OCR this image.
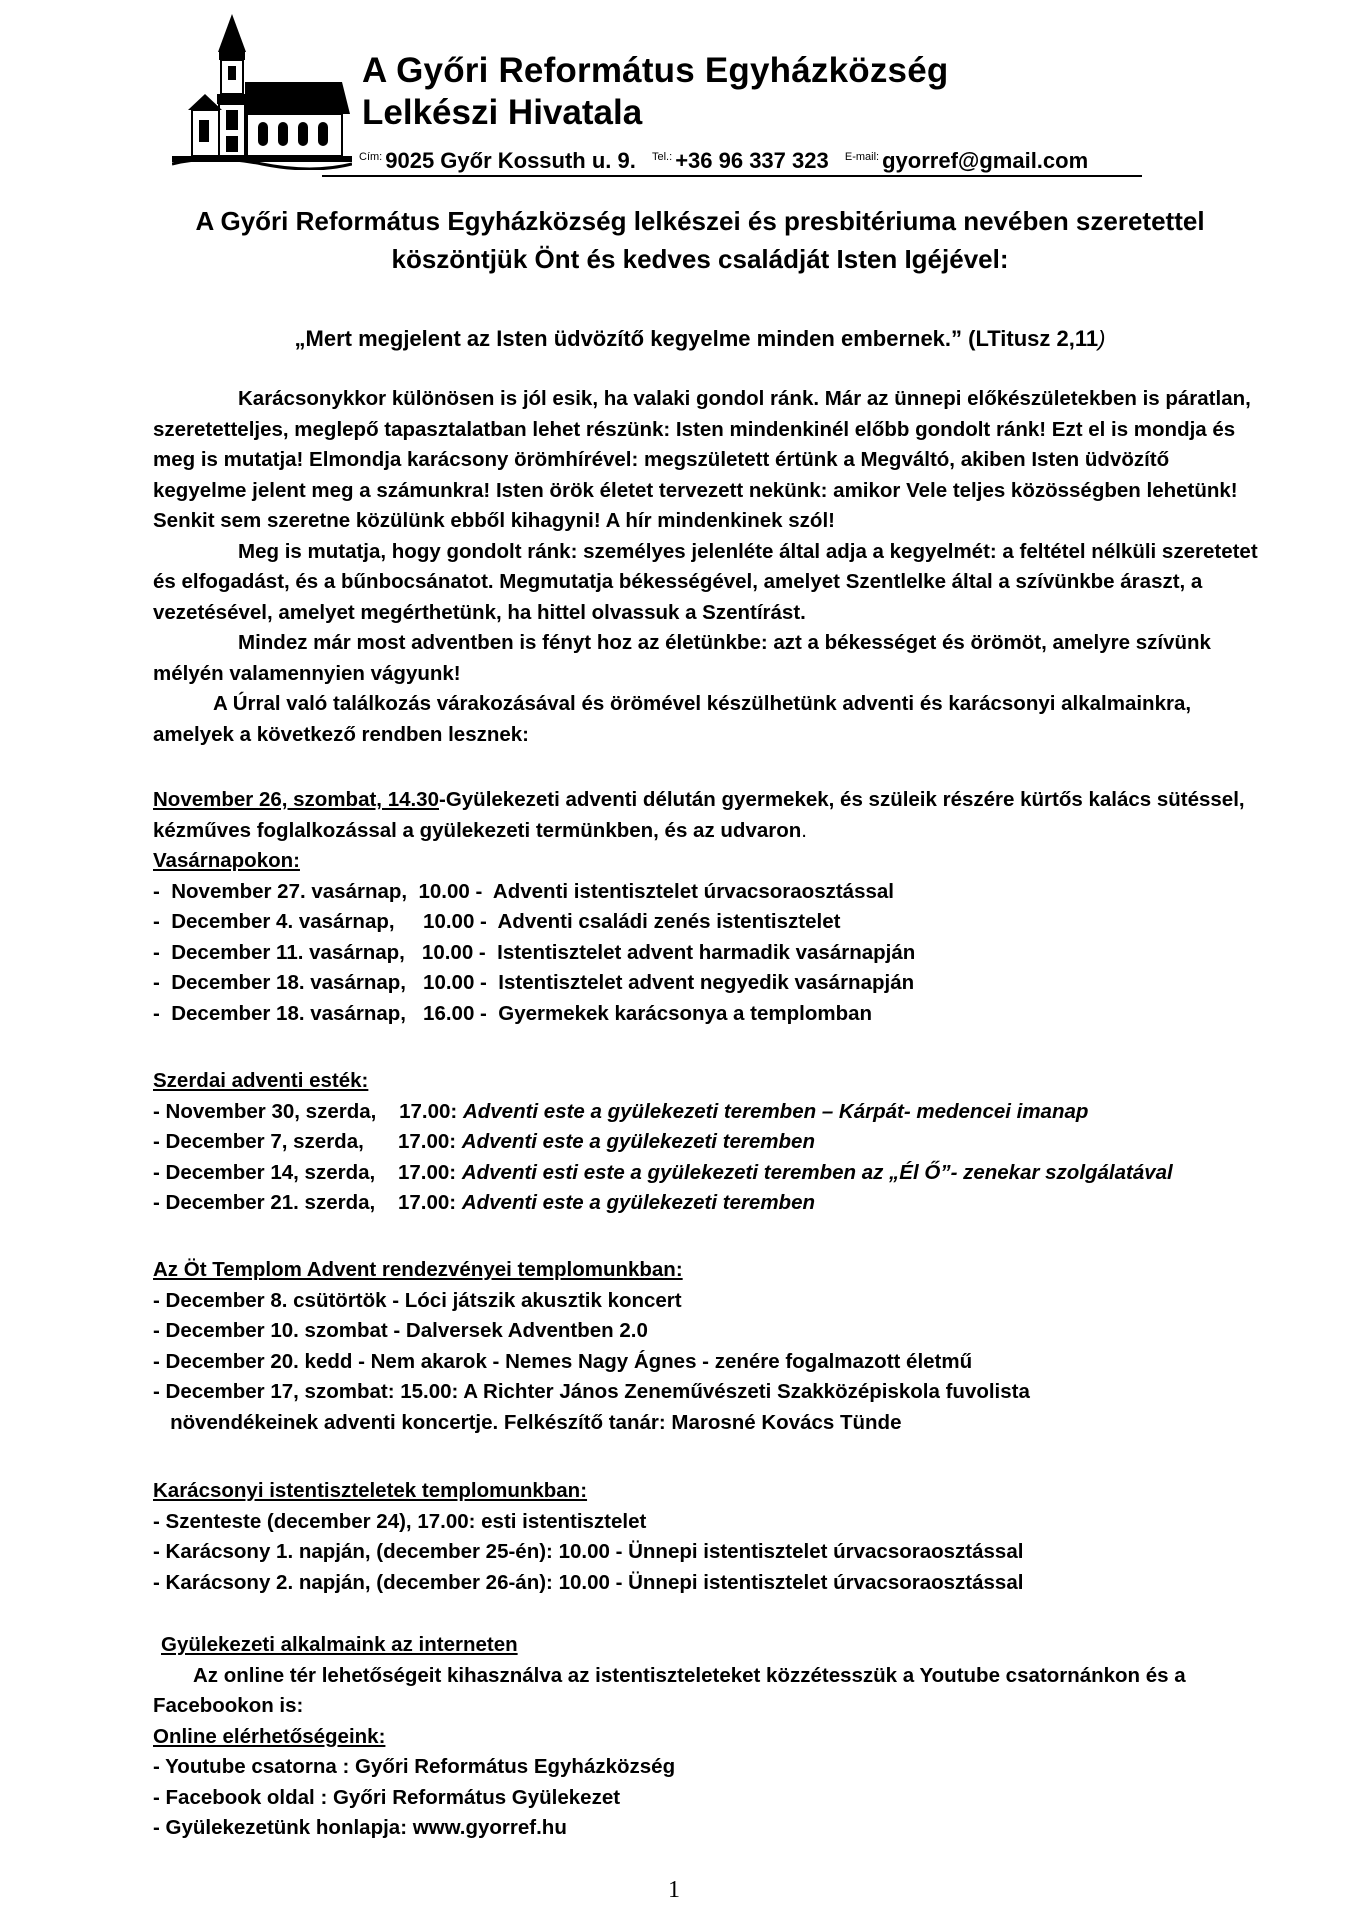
A Győri Református Egyházközség
Lelkészi Hivatala
$^{Cím:}$ 9025 Győr Kossuth u. 9. $^{Tel.:}$ +36 96 337 323 $^{E-mail:}$ gyorref@gmail.com
A Győri Református Egyházközség lelkészei és presbitériuma nevében szeretettel
köszöntjük Önt és kedves családját Isten Igéjével:
„Mert megjelent az Isten üdvözítő kegyelme minden embernek.” (LTitusz 2,11)

Karácsonykkor különösen is jól esik, ha valaki gondol ránk. Már az ünnepi előkészületekben is páratlan, szeretetteljes, meglepő tapasztalatban lehet részünk: Isten mindenkinél előbb gondolt ránk! Ezt el is mondja és meg is mutatja! Elmondja karácsony örömhírével: megszületett értünk a Megváltó, akiben Isten üdvözítő kegyelme jelent meg a számunkra! Isten örök életet tervezett nekünk: amikor Vele teljes közösségben lehetünk! Senkit sem szeretne közülünk ebből kihagyni! A hír mindenkinek szól!

Meg is mutatja, hogy gondolt ránk: személyes jelenléte által adja a kegyelmét: a feltétel nélküli szeretetet és elfogadást, és a bűnbocsánatot. Megmutatja békességével, amelyet Szentlelke által a szívünkbe áraszt, a vezetésével, amelyet megérthetünk, ha hittel olvassuk a Szentírást.

Mindez már most adventben is fényt hoz az életünkbe: azt a békességet és örömöt, amelyre szívünk mélyén valamennyien vágyunk!

A Úrral való találkozás várakozásával és örömével készülhetünk adventi és karácsonyi alkalmainkra, amelyek a következő rendben lesznek:

November 26, szombat, 14.30-Gyülekezeti adventi délután gyermekek, és szüleik részére kürtős kalács sütéssel, kézműves foglalkozással a gyülekezeti termünkben, és az udvaron.
Vasárnapokon:
-  November 27. vasárnap,  10.00 -  Adventi istentisztelet úrvacsoraosztással
-  December 4. vasárnap,     10.00 -  Adventi családi zenés istentisztelet
-  December 11. vasárnap,   10.00 -  Istentisztelet advent harmadik vasárnapján
-  December 18. vasárnap,   10.00 -  Istentisztelet advent negyedik vasárnapján
-  December 18. vasárnap,   16.00 -  Gyermekek karácsonya a templomban
Szerdai adventi esték:
- November 30, szerda,    17.00: Adventi este a gyülekezeti teremben – Kárpát- medencei imanap
- December 7, szerda,      17.00: Adventi este a gyülekezeti teremben
- December 14, szerda,    17.00: Adventi esti este a gyülekezeti teremben az „Él Ő”- zenekar szolgálatával
- December 21. szerda,    17.00: Adventi este a gyülekezeti teremben
Az Öt Templom Advent rendezvényei templomunkban:
- December 8. csütörtök - Lóci játszik akusztik koncert
- December 10. szombat - Dalversek Adventben 2.0
- December 20. kedd - Nem akarok - Nemes Nagy Ágnes - zenére fogalmazott életmű
- December 17, szombat: 15.00: A Richter János Zeneművészeti Szakközépiskola fuvolista
növendékeinek adventi koncertje. Felkészítő tanár: Marosné Kovács Tünde
Karácsonyi istentiszteletek templomunkban:
- Szenteste (december 24), 17.00: esti istentisztelet
- Karácsony 1. napján, (december 25-én): 10.00 - Ünnepi istentisztelet úrvacsoraosztással
- Karácsony 2. napján, (december 26-án): 10.00 - Ünnepi istentisztelet úrvacsoraosztással
Gyülekezeti alkalmaink az interneten
Az online tér lehetőségeit kihasználva az istentiszteleteket közzétesszük a Youtube csatornánkon és a Facebookon is:
Online elérhetőségeink:
- Youtube csatorna : Győri Református Egyházközség
- Facebook oldal : Győri Református Gyülekezet
- Gyülekezetünk honlapja: www.gyorref.hu
1
